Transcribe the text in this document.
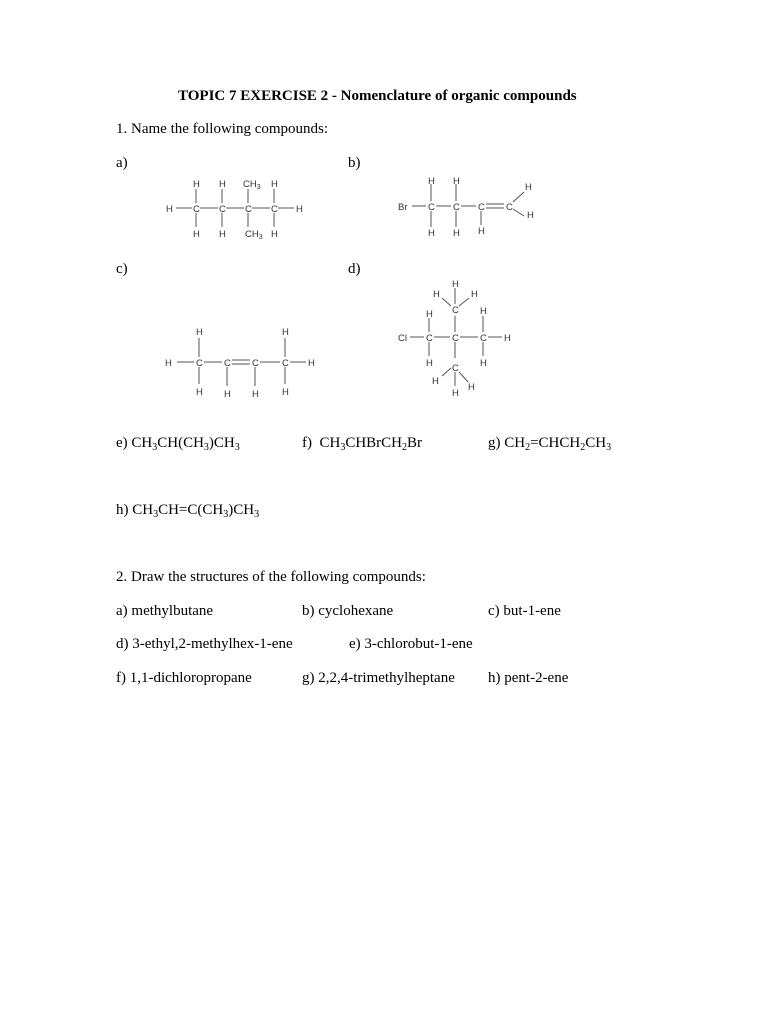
TOPIC 7 EXERCISE 2 - Nomenclature of organic compounds
1. Name the following compounds:
a)	b)
H C C C C H
H H $CH_3$ H
H H $CH_3$ H
Br C C C C
H H
H H H
H
H
c)	d)
H	C C C C H
H	H
H H H H
Cl C C C H
C
C
H
H	H
H	H
H	H
H
H
H
e) $CH_3CH(CH_3)CH_3$	f)  $CH_3CHBrCH_2Br$	g) $CH_2=CHCH_2CH_3$
h) $CH_3CH=C(CH_3)CH_3$
2. Draw the structures of the following compounds:
a) methylbutane	b) cyclohexane	c) but-1-ene
d) 3-ethyl,2-methylhex-1-ene	e) 3-chlorobut-1-ene
f) 1,1-dichloropropane	g) 2,2,4-trimethylheptane h) pent-2-ene
